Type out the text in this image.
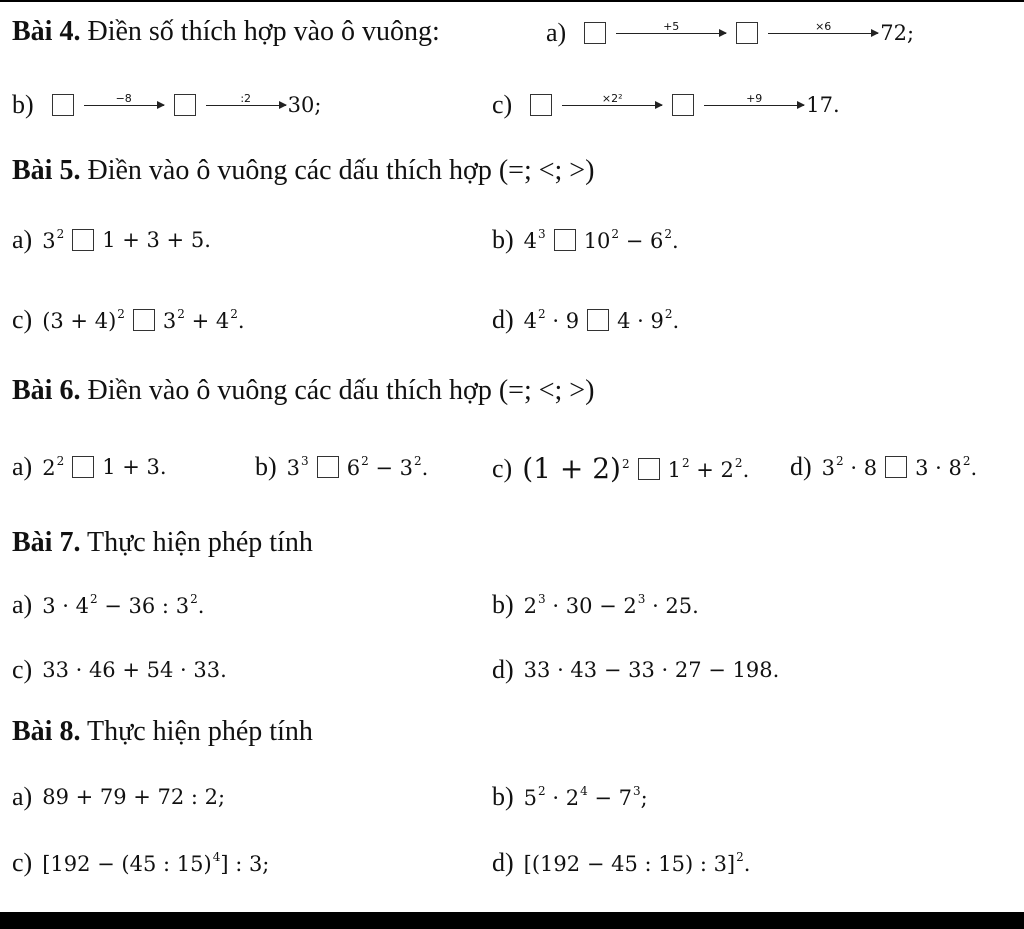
Bài 4. Điền số thích hợp vào ô vuông:	a)	+5	×6 72 ;
b)	−8	:2 30 ;	c)	×2²	+9 17 .
Bài 5. Điền vào ô vuông các dấu thích hợp (=; <; >)
a) $3^2$ 1 + 3 + 5.	b) $4^3$ $10^2 - 6^2$.
c) $(3 + 4)^2$ $3^2 + 4^2$.	d) $4^2 \cdot 9$ $4 \cdot 9^2$.
Bài 6. Điền vào ô vuông các dấu thích hợp (=; <; >)
a) $2^2$ 1 + 3.	b) $3^3$ $6^2 - 3^2$. c) $(1 + 2)^2$ $1^2 + 2^2$. d) $3^2 \cdot 8$ $3 \cdot 8^2$.
Bài 7. Thực hiện phép tính
a) $3 \cdot 4^2 - 36$ : $3^2$.	b) $2^3 \cdot 30 - 2^3 \cdot 25$.
c) 33 · 46 + 54 · 33.	d) 33 · 43 − 33 · 27 − 198.
Bài 8. Thực hiện phép tính
a) 89 + 79 + 72 : 2;	b) $5^2 \cdot 2^4 - 7^3$;
c) [192 − (45 : 15)$^4$] : 3;	d) [(192 − 45 : 15) : 3]$^2$.
